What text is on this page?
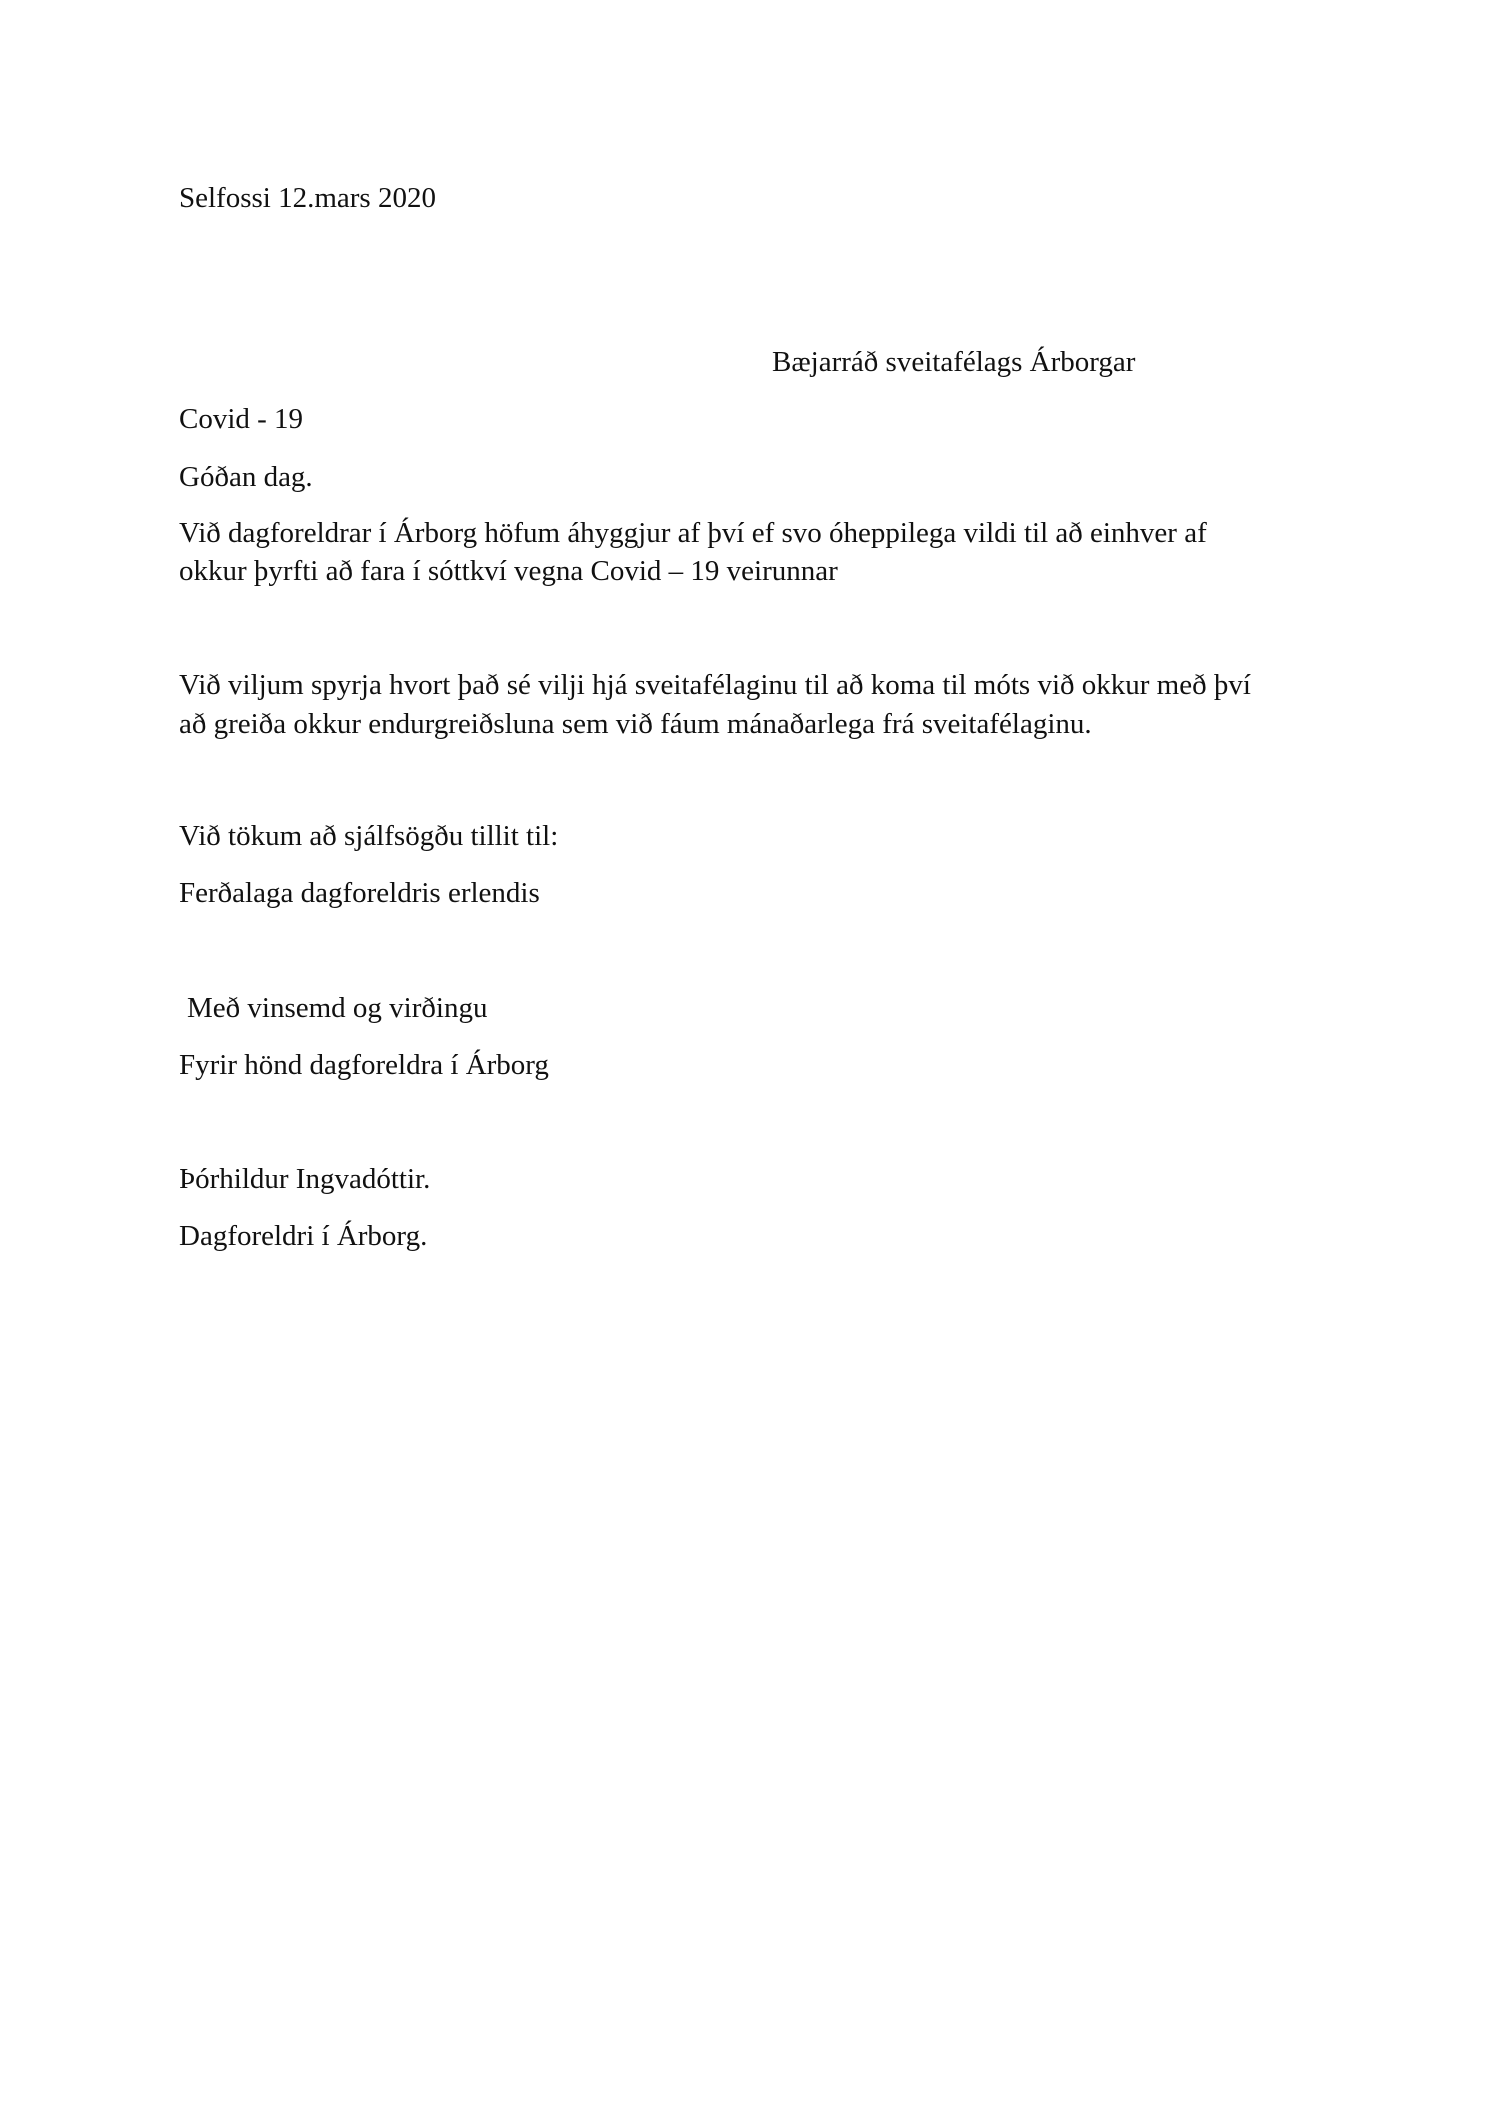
Selfossi 12.mars 2020

Bæjarráð sveitafélags Árborgar

Covid - 19

Góðan dag.

Við dagforeldrar í Árborg höfum áhyggjur af því ef svo óheppilega vildi til að einhver af

okkur þyrfti að fara í sóttkví vegna Covid – 19 veirunnar

Við viljum spyrja hvort það sé vilji hjá sveitafélaginu til að koma til móts við okkur með því

að greiða okkur endurgreiðsluna sem við fáum mánaðarlega frá sveitafélaginu.

Við tökum að sjálfsögðu tillit til:

Ferðalaga dagforeldris erlendis

Með vinsemd og virðingu

Fyrir hönd dagforeldra í Árborg

Þórhildur Ingvadóttir.

Dagforeldri í Árborg.
